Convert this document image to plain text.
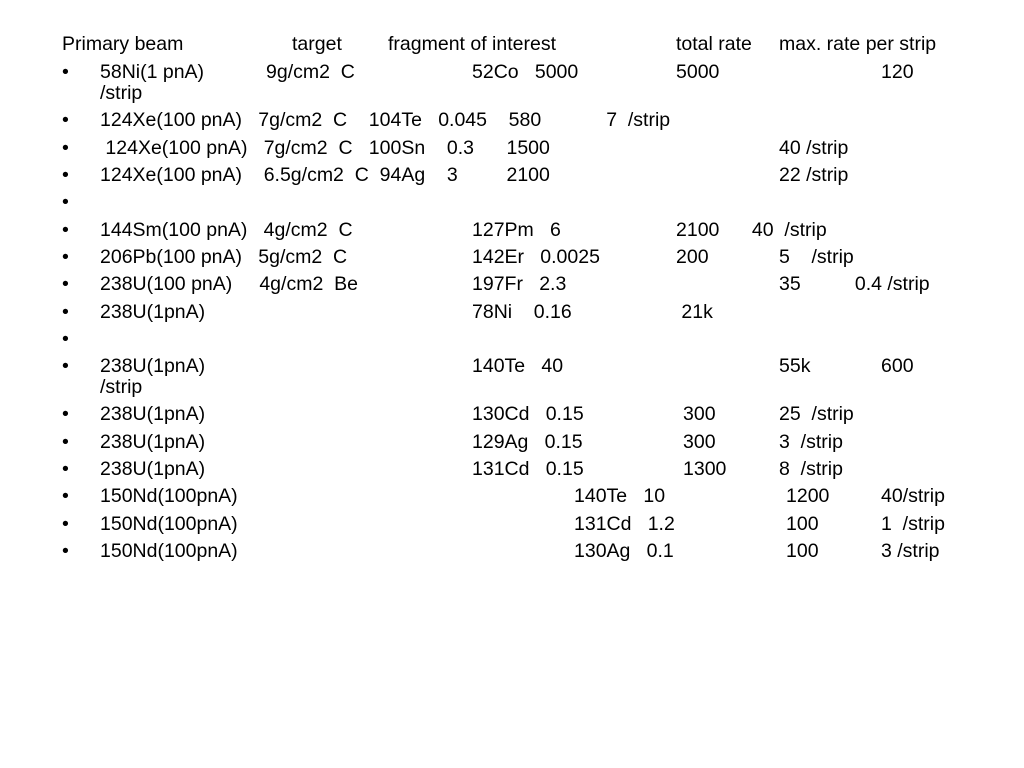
Primary beam	target fragment of interest	total rate max. rate per strip
• 58Ni(1 pnA)	9g/cm2  C	52Co   5000	5000	120
/strip
• 124Xe(100 pnA)   7g/cm2  C    104Te   0.045    580            7  /strip
• 124Xe(100 pnA)   7g/cm2  C   100Sn    0.3      1500	40 /strip
• 124Xe(100 pnA)    6.5g/cm2  C  94Ag    3         2100	22 /strip
•
• 144Sm(100 pnA)   4g/cm2  C	127Pm   6	2100      40  /strip
• 206Pb(100 pnA)   5g/cm2  C	142Er   0.0025	200	5    /strip
• 238U(100 pnA)     4g/cm2  Be	197Fr   2.3	35          0.4 /strip
• 238U(1pnA)	78Ni    0.16	21k
•
• 238U(1pnA)	140Te   40	55k	600
/strip
• 238U(1pnA)	130Cd   0.15	300	25  /strip
• 238U(1pnA)	129Ag   0.15	300	3  /strip
• 238U(1pnA)	131Cd   0.15	1300	8  /strip
• 150Nd(100pnA)	140Te   10	1200	40/strip
• 150Nd(100pnA)	131Cd   1.2	100	1  /strip
• 150Nd(100pnA)	130Ag   0.1	100	3 /strip
